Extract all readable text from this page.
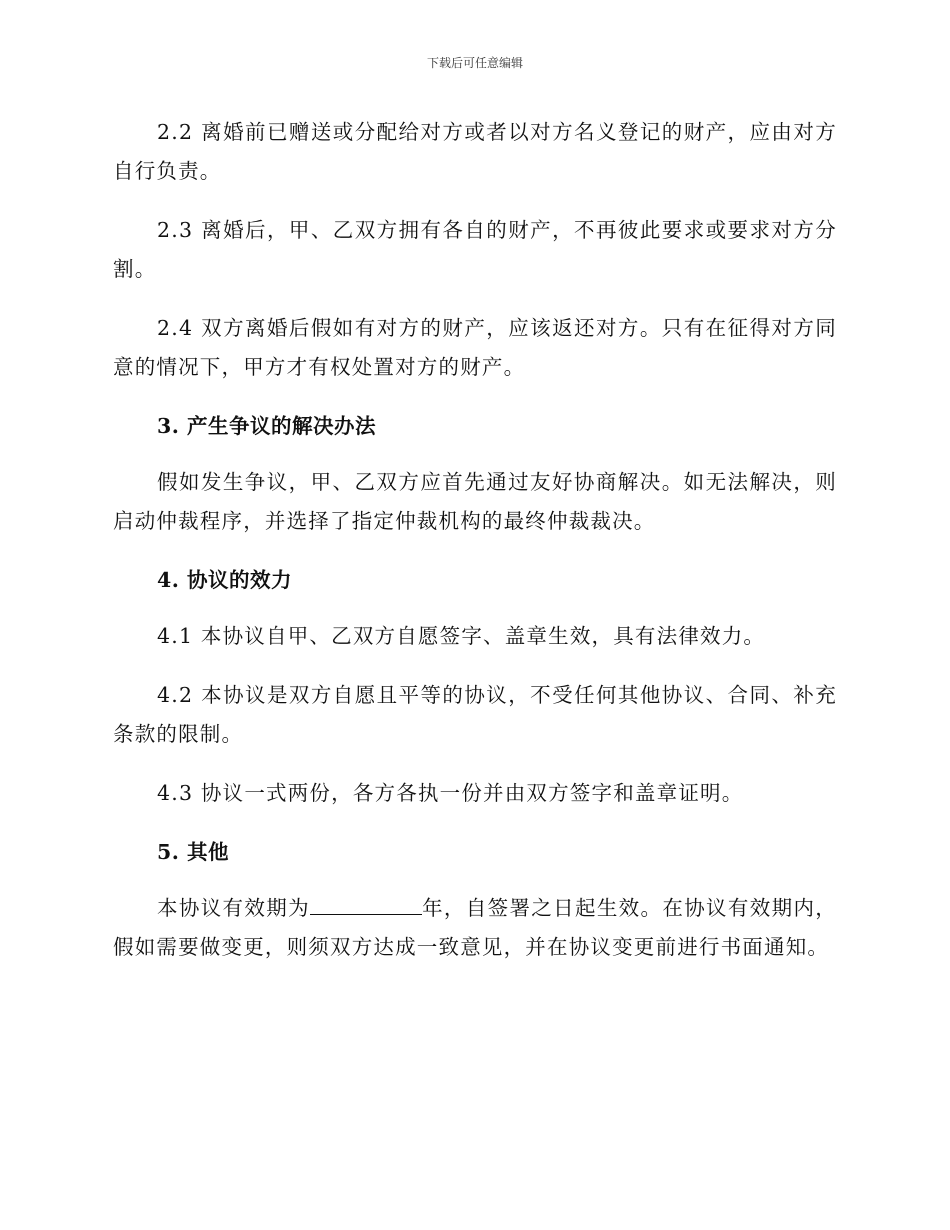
下载后可任意编辑

2.2 离婚前已赠送或分配给对方或者以对方名义登记的财产，应由对方自行负责。

2.3 离婚后，甲、乙双方拥有各自的财产，不再彼此要求或要求对方分割。

2.4 双方离婚后假如有对方的财产，应该返还对方。只有在征得对方同意的情况下，甲方才有权处置对方的财产。

3. 产生争议的解决办法

假如发生争议，甲、乙双方应首先通过友好协商解决。如无法解决，则启动仲裁程序，并选择了指定仲裁机构的最终仲裁裁决。

4. 协议的效力

4.1 本协议自甲、乙双方自愿签字、盖章生效，具有法律效力。

4.2 本协议是双方自愿且平等的协议，不受任何其他协议、合同、补充条款的限制。

4.3 协议一式两份，各方各执一份并由双方签字和盖章证明。

5. 其他

本协议有效期为	年，自签署之日起生效。在协议有效期内，假如需要做变更，则须双方达成一致意见，并在协议变更前进行书面通知。
